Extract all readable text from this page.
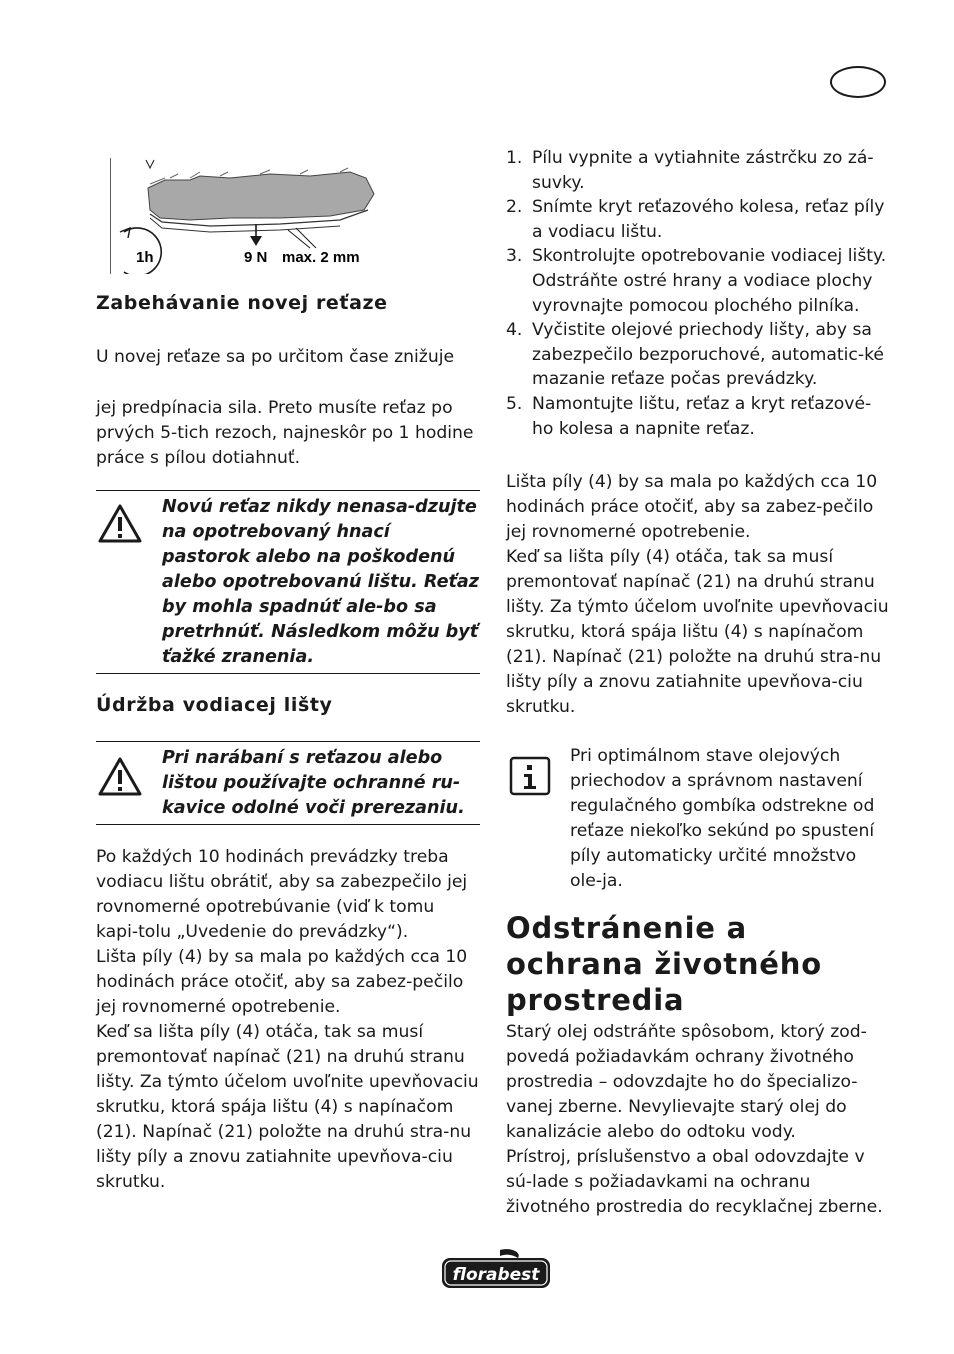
1h	9 N max. 2 mm
Zabehávanie novej reťaze

U novej reťaze sa po určitom čase znižuje

jej predpínacia sila. Preto musíte reťaz po prvých 5-tich rezoch, najneskôr po 1 hodine práce s pílou dotiahnuť.

Novú reťaz nikdy nenasa-dzujte na opotrebovaný hnací pastorok alebo na poškodenú alebo opotrebovanú lištu. Reťaz by mohla spadnúť ale-bo sa pretrhnúť. Následkom môžu byť ťažké zranenia.
Údržba vodiacej lišty
Pri narábaní s reťazou alebo lištou používajte ochranné ru-kavice odolné voči prerezaniu.

Po každých 10 hodinách prevádzky treba vodiacu lištu obrátiť, aby sa zabezpečilo jej rovnomerné opotrebúvanie (viď k tomu kapi-tolu „Uvedenie do prevádzky“).
Lišta píly (4) by sa mala po každých cca 10 hodinách práce otočiť, aby sa zabez-pečilo jej rovnomerné opotrebenie.
Keď sa lišta píly (4) otáča, tak sa musí premontovať napínač (21) na druhú stranu lišty. Za týmto účelom uvoľnite upevňovaciu skrutku, ktorá spája lištu (4) s napínačom (21). Napínač (21) položte na druhú stra-nu lišty píly a znovu zatiahnite upevňova-ciu skrutku.

1. Pílu vypnite a vytiahnite zástrčku zo zá-suvky.
2. Snímte kryt reťazového kolesa, reťaz píly a vodiacu lištu.
3. Skontrolujte opotrebovanie vodiacej lišty. Odstráňte ostré hrany a vodiace plochy vyrovnajte pomocou plochého pilníka.
4. Vyčistite olejové priechody lišty, aby sa zabezpečilo bezporuchové, automatic-ké mazanie reťaze počas prevádzky.
5. Namontujte lištu, reťaz a kryt reťazové-ho kolesa a napnite reťaz.

Lišta píly (4) by sa mala po každých cca 10 hodinách práce otočiť, aby sa zabez-pečilo jej rovnomerné opotrebenie.
Keď sa lišta píly (4) otáča, tak sa musí premontovať napínač (21) na druhú stranu lišty. Za týmto účelom uvoľnite upevňovaciu skrutku, ktorá spája lištu (4) s napínačom (21). Napínač (21) položte na druhú stra-nu lišty píly a znovu zatiahnite upevňova-ciu skrutku.

Pri optimálnom stave olejových priechodov a správnom nastavení regulačného gombíka odstrekne od reťaze niekoľko sekúnd po spustení píly automaticky určité množstvo ole-ja.
Odstránenie a ochrana životného prostredia

Starý olej odstráňte spôsobom, ktorý zod-povedá požiadavkám ochrany životného prostredia – odovzdajte ho do špecializo-vanej zberne. Nevylievajte starý olej do kanalizácie alebo do odtoku vody.
Prístroj, príslušenstvo a obal odovzdajte v sú-lade s požiadavkami na ochranu životného prostredia do recyklačnej zberne.

florabest
